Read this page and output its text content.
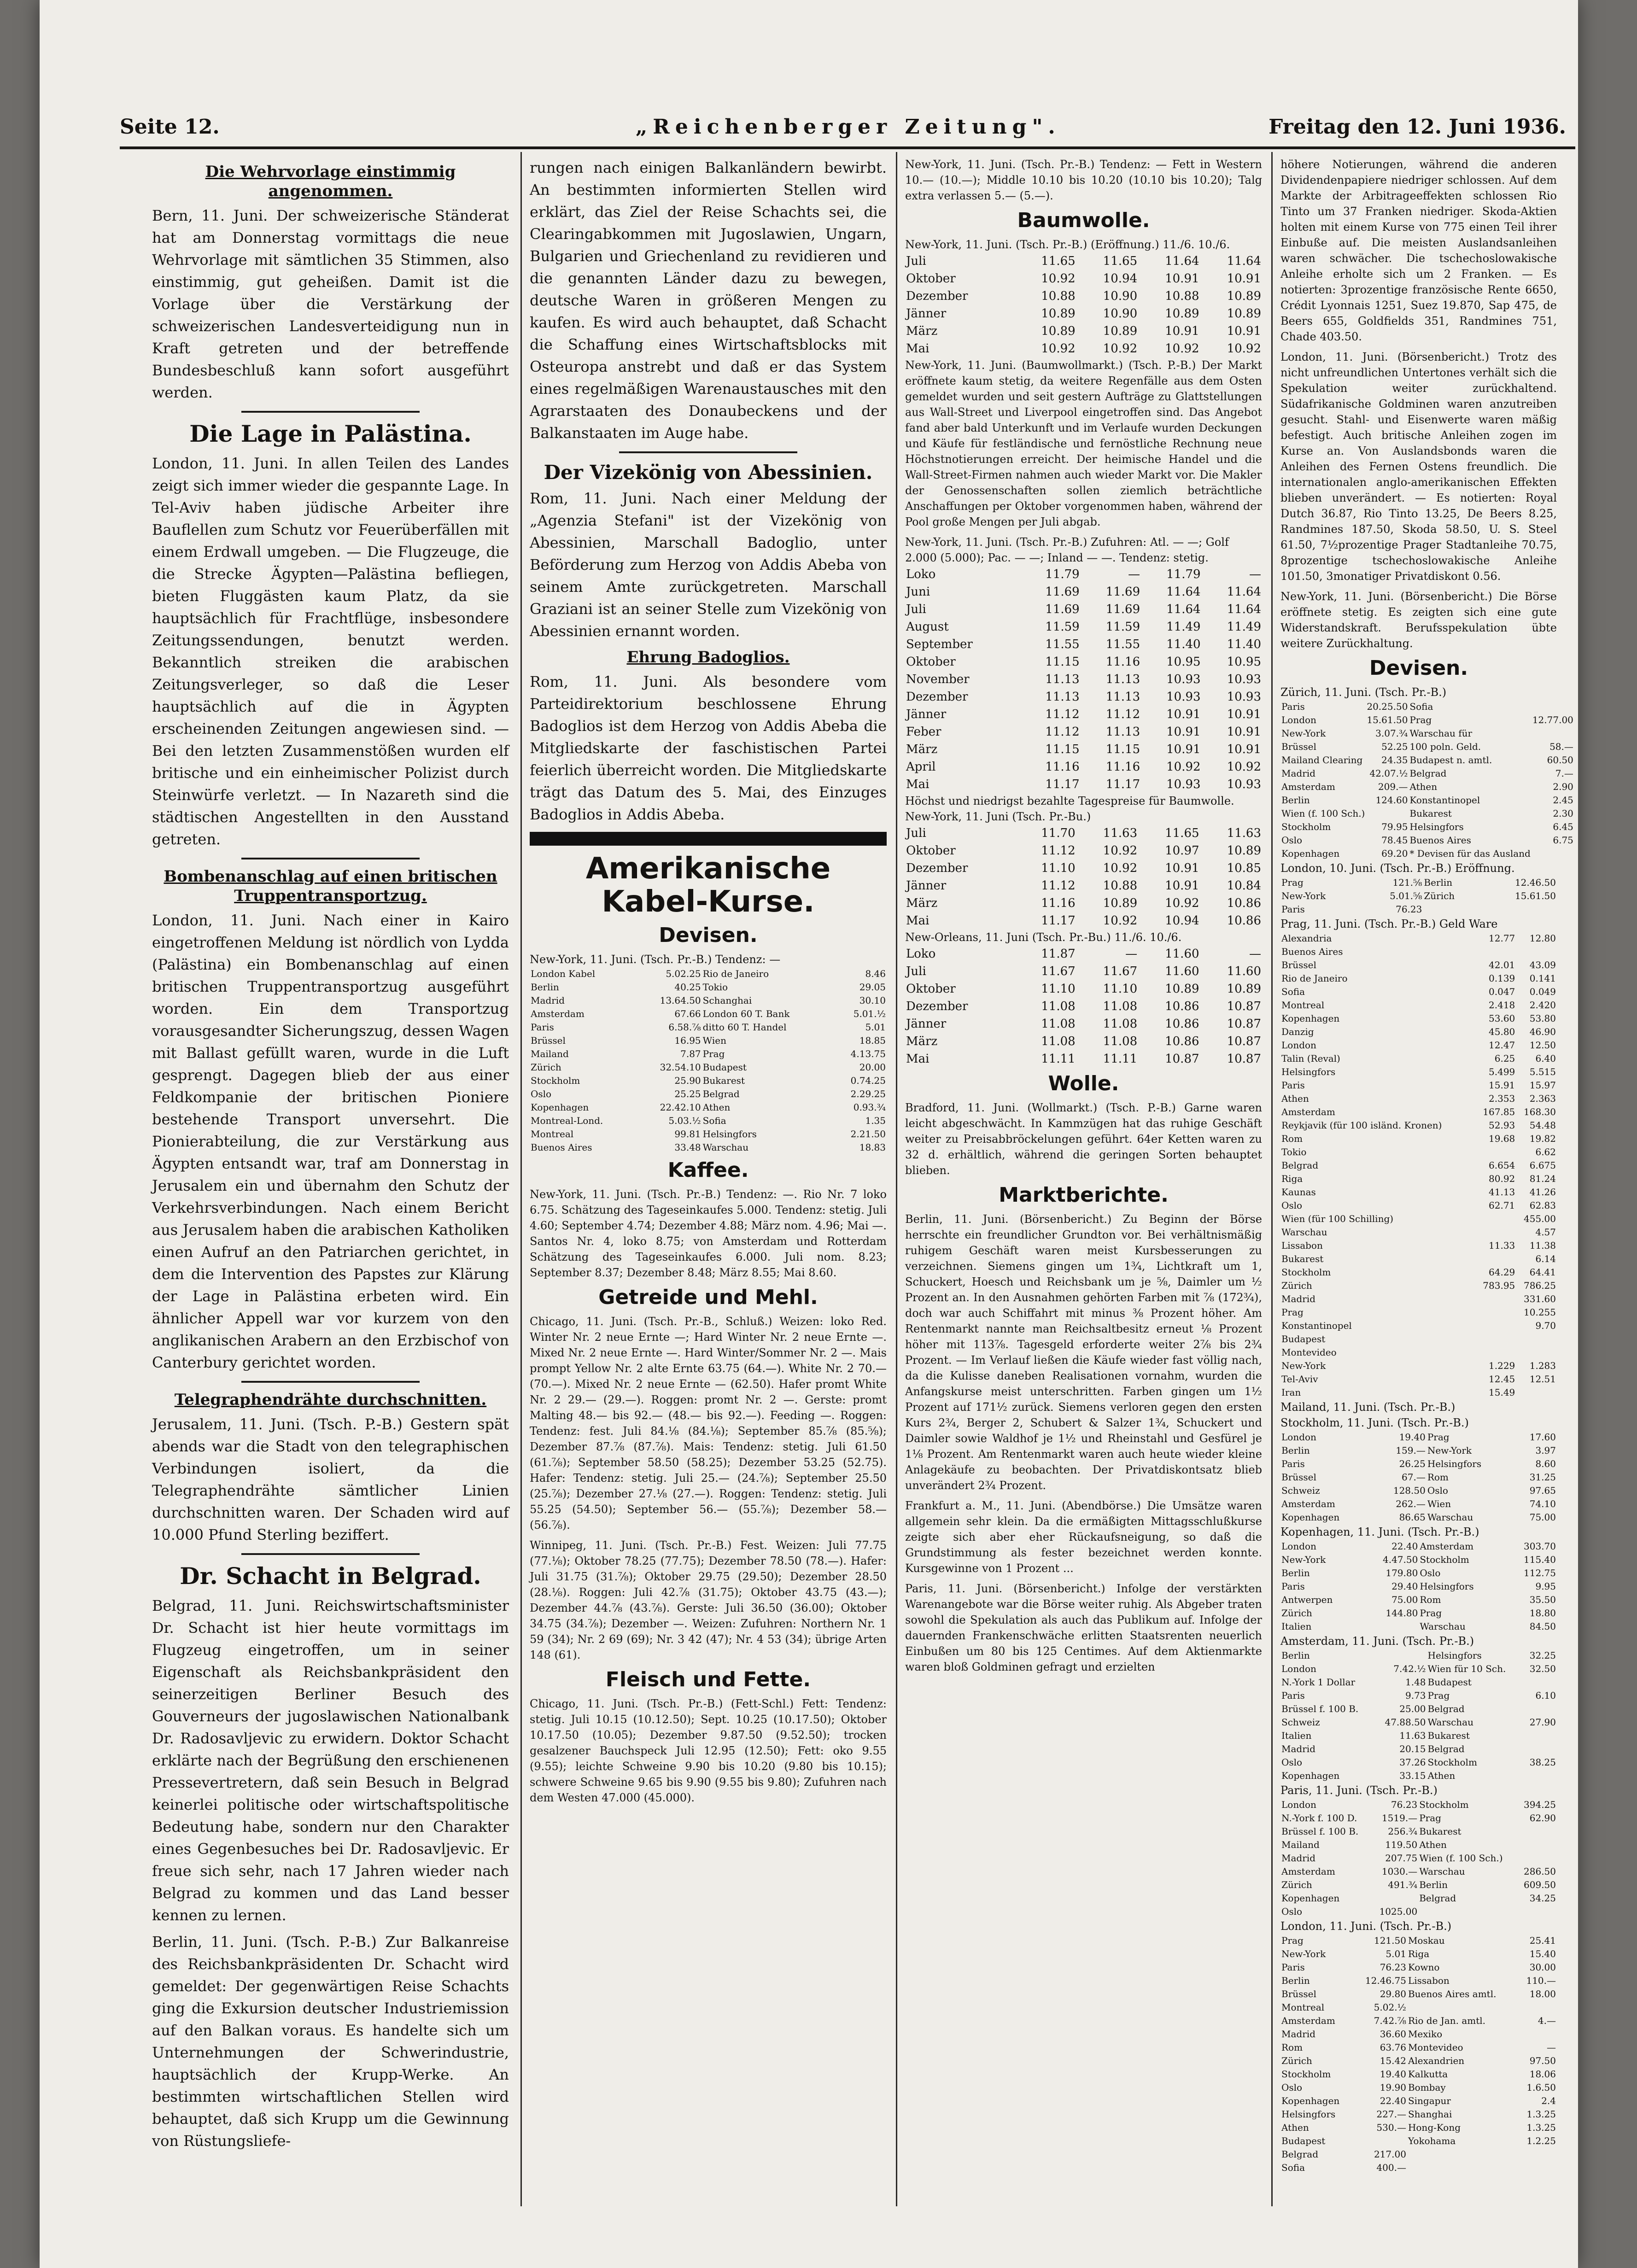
Seite 12.	„Reichenberger Zeitung".	Freitag den 12. Juni 1936.
Die Wehrvorlage einstimmig angenommen.

Bern, 11. Juni. Der schweizerische Ständerat hat am Donnerstag vormittags die neue Wehrvorlage mit sämtlichen 35 Stimmen, also einstimmig, gut geheißen. Damit ist die Vorlage über die Verstärkung der schweizerischen Landesverteidigung nun in Kraft getreten und der betreffende Bundesbeschluß kann sofort ausgeführt werden.

Die Lage in Palästina.

London, 11. Juni. In allen Teilen des Landes zeigt sich immer wieder die gespannte Lage. In Tel-Aviv haben jüdische Arbeiter ihre Bauflellen zum Schutz vor Feuerüberfällen mit einem Erdwall umgeben. — Die Flugzeuge, die die Strecke Ägypten—Palästina befliegen, bieten Fluggästen kaum Platz, da sie hauptsächlich für Frachtflüge, insbesondere Zeitungssendungen, benutzt werden. Bekanntlich streiken die arabischen Zeitungsverleger, so daß die Leser hauptsächlich auf die in Ägypten erscheinenden Zeitungen angewiesen sind. — Bei den letzten Zusammenstößen wurden elf britische und ein einheimischer Polizist durch Steinwürfe verletzt. — In Nazareth sind die städtischen Angestellten in den Ausstand getreten.

Bombenanschlag auf einen britischen Truppentransportzug.

London, 11. Juni. Nach einer in Kairo eingetroffenen Meldung ist nördlich von Lydda (Palästina) ein Bombenanschlag auf einen britischen Truppentransportzug ausgeführt worden. Ein dem Transportzug vorausgesandter Sicherungszug, dessen Wagen mit Ballast gefüllt waren, wurde in die Luft gesprengt. Dagegen blieb der aus einer Feldkompanie der britischen Pioniere bestehende Transport unversehrt. Die Pionierabteilung, die zur Verstärkung aus Ägypten entsandt war, traf am Donnerstag in Jerusalem ein und übernahm den Schutz der Verkehrsverbindungen. Nach einem Bericht aus Jerusalem haben die arabischen Katholiken einen Aufruf an den Patriarchen gerichtet, in dem die Intervention des Papstes zur Klärung der Lage in Palästina erbeten wird. Ein ähnlicher Appell war vor kurzem von den anglikanischen Arabern an den Erzbischof von Canterbury gerichtet worden.

Telegraphendrähte durchschnitten.

Jerusalem, 11. Juni. (Tsch. P.-B.) Gestern spät abends war die Stadt von den telegraphischen Verbindungen isoliert, da die Telegraphendrähte sämtlicher Linien durchschnitten waren. Der Schaden wird auf 10.000 Pfund Sterling beziffert.

Dr. Schacht in Belgrad.

Belgrad, 11. Juni. Reichswirtschaftsminister Dr. Schacht ist hier heute vormittags im Flugzeug eingetroffen, um in seiner Eigenschaft als Reichsbankpräsident den seinerzeitigen Berliner Besuch des Gouverneurs der jugoslawischen Nationalbank Dr. Radosavljevic zu erwidern. Doktor Schacht erklärte nach der Begrüßung den erschienenen Pressevertretern, daß sein Besuch in Belgrad keinerlei politische oder wirtschaftspolitische Bedeutung habe, sondern nur den Charakter eines Gegenbesuches bei Dr. Radosavljevic. Er freue sich sehr, nach 17 Jahren wieder nach Belgrad zu kommen und das Land besser kennen zu lernen.

Berlin, 11. Juni. (Tsch. P.-B.) Zur Balkanreise des Reichsbankpräsidenten Dr. Schacht wird gemeldet: Der gegenwärtigen Reise Schachts ging die Exkursion deutscher Industriemission auf den Balkan voraus. Es handelte sich um Unternehmungen der Schwerindustrie, hauptsächlich der Krupp-Werke. An bestimmten wirtschaftlichen Stellen wird behauptet, daß sich Krupp um die Gewinnung von Rüstungsliefe-

rungen nach einigen Balkanländern bewirbt. An bestimmten informierten Stellen wird erklärt, das Ziel der Reise Schachts sei, die Clearingabkommen mit Jugoslawien, Ungarn, Bulgarien und Griechenland zu revidieren und die genannten Länder dazu zu bewegen, deutsche Waren in größeren Mengen zu kaufen. Es wird auch behauptet, daß Schacht die Schaffung eines Wirtschaftsblocks mit Osteuropa anstrebt und daß er das System eines regelmäßigen Warenaustausches mit den Agrarstaaten des Donaubeckens und der Balkanstaaten im Auge habe.

Der Vizekönig von Abessinien.

Rom, 11. Juni. Nach einer Meldung der „Agenzia Stefani" ist der Vizekönig von Abessinien, Marschall Badoglio, unter Beförderung zum Herzog von Addis Abeba von seinem Amte zurückgetreten. Marschall Graziani ist an seiner Stelle zum Vizekönig von Abessinien ernannt worden.

Ehrung Badoglios.

Rom, 11. Juni. Als besondere vom Parteidirektorium beschlossene Ehrung Badoglios ist dem Herzog von Addis Abeba die Mitgliedskarte der faschistischen Partei feierlich überreicht worden. Die Mitgliedskarte trägt das Datum des 5. Mai, des Einzuges Badoglios in Addis Abeba.

Amerikanische Kabel-Kurse.
Devisen.
New-York, 11. Juni. (Tsch. Pr.-B.) Tendenz: —
London Kabel	5.02.25	Rio de Janeiro	8.46
Berlin	40.25	Tokio	29.05
Madrid	13.64.50	Schanghai	30.10
Amsterdam	67.66	London 60 T. Bank	5.01.½
Paris	6.58.⅞	ditto 60 T. Handel	5.01
Brüssel	16.95	Wien	18.85
Mailand	7.87	Prag	4.13.75
Zürich	32.54.10	Budapest	20.00
Stockholm	25.90	Bukarest	0.74.25
Oslo	25.25	Belgrad	2.29.25
Kopenhagen	22.42.10	Athen	0.93.¾
Montreal-Lond.	5.03.½	Sofia	1.35
Montreal	99.81	Helsingfors	2.21.50
Buenos Aires	33.48	Warschau	18.83
Kaffee.

New-York, 11. Juni. (Tsch. Pr.-B.) Tendenz: —. Rio Nr. 7 loko 6.75. Schätzung des Tageseinkaufes 5.000. Tendenz: stetig. Juli 4.60; September 4.74; Dezember 4.88; März nom. 4.96; Mai —. Santos Nr. 4, loko 8.75; von Amsterdam und Rotterdam Schätzung des Tageseinkaufes 6.000. Juli nom. 8.23; September 8.37; Dezember 8.48; März 8.55; Mai 8.60.

Getreide und Mehl.

Chicago, 11. Juni. (Tsch. Pr.-B., Schluß.) Weizen: loko Red. Winter Nr. 2 neue Ernte —; Hard Winter Nr. 2 neue Ernte —. Mixed Nr. 2 neue Ernte —. Hard Winter/Sommer Nr. 2 —. Mais prompt Yellow Nr. 2 alte Ernte 63.75 (64.—). White Nr. 2 70.— (70.—). Mixed Nr. 2 neue Ernte — (62.50). Hafer promt White Nr. 2 29.— (29.—). Roggen: promt Nr. 2 —. Gerste: promt Malting 48.— bis 92.— (48.— bis 92.—). Feeding —. Roggen: Tendenz: fest. Juli 84.⅛ (84.⅛); September 85.⅞ (85.⅝); Dezember 87.⅞ (87.⅞). Mais: Tendenz: stetig. Juli 61.50 (61.⅞); September 58.50 (58.25); Dezember 53.25 (52.75). Hafer: Tendenz: stetig. Juli 25.— (24.⅞); September 25.50 (25.⅞); Dezember 27.⅛ (27.—). Roggen: Tendenz: stetig. Juli 55.25 (54.50); September 56.— (55.⅞); Dezember 58.— (56.⅞).

Winnipeg, 11. Juni. (Tsch. Pr.-B.) Fest. Weizen: Juli 77.75 (77.⅛); Oktober 78.25 (77.75); Dezember 78.50 (78.—). Hafer: Juli 31.75 (31.⅞); Oktober 29.75 (29.50); Dezember 28.50 (28.⅛). Roggen: Juli 42.⅞ (31.75); Oktober 43.75 (43.—); Dezember 44.⅞ (43.⅞). Gerste: Juli 36.50 (36.00); Oktober 34.75 (34.⅞); Dezember —. Weizen: Zufuhren: Northern Nr. 1 59 (34); Nr. 2 69 (69); Nr. 3 42 (47); Nr. 4 53 (34); übrige Arten 148 (61).

Fleisch und Fette.

Chicago, 11. Juni. (Tsch. Pr.-B.) (Fett-Schl.) Fett: Tendenz: stetig. Juli 10.15 (10.12.50); Sept. 10.25 (10.17.50); Oktober 10.17.50 (10.05); Dezember 9.87.50 (9.52.50); trocken gesalzener Bauchspeck Juli 12.95 (12.50); Fett: oko 9.55 (9.55); leichte Schweine 9.90 bis 10.20 (9.80 bis 10.15); schwere Schweine 9.65 bis 9.90 (9.55 bis 9.80); Zufuhren nach dem Westen 47.000 (45.000).

New-York, 11. Juni. (Tsch. Pr.-B.) Tendenz: — Fett in Western 10.— (10.—); Middle 10.10 bis 10.20 (10.10 bis 10.20); Talg extra verlassen 5.— (5.—).

Baumwolle.
New-York, 11. Juni. (Tsch. Pr.-B.) (Eröffnung.) 11./6. 10./6.
Juli	11.65	11.65	11.64	11.64
Oktober	10.92	10.94	10.91	10.91
Dezember	10.88	10.90	10.88	10.89
Jänner	10.89	10.90	10.89	10.89
März	10.89	10.89	10.91	10.91
Mai	10.92	10.92	10.92	10.92

New-York, 11. Juni. (Baumwollmarkt.) (Tsch. P.-B.) Der Markt eröffnete kaum stetig, da weitere Regenfälle aus dem Osten gemeldet wurden und seit gestern Aufträge zu Glattstellungen aus Wall-Street und Liverpool eingetroffen sind. Das Angebot fand aber bald Unterkunft und im Verlaufe wurden Deckungen und Käufe für festländische und fernöstliche Rechnung neue Höchstnotierungen erreicht. Der heimische Handel und die Wall-Street-Firmen nahmen auch wieder Markt vor. Die Makler der Genossenschaften sollen ziemlich beträchtliche Anschaffungen per Oktober vorgenommen haben, während der Pool große Mengen per Juli abgab.

New-York, 11. Juni. (Tsch. Pr.-B.) Zufuhren: Atl. — —; Golf 2.000 (5.000); Pac. — —; Inland — —. Tendenz: stetig.
Loko	11.79	—	11.79	—
Juni	11.69	11.69	11.64	11.64
Juli	11.69	11.69	11.64	11.64
August	11.59	11.59	11.49	11.49
September	11.55	11.55	11.40	11.40
Oktober	11.15	11.16	10.95	10.95
November	11.13	11.13	10.93	10.93
Dezember	11.13	11.13	10.93	10.93
Jänner	11.12	11.12	10.91	10.91
Feber	11.12	11.13	10.91	10.91
März	11.15	11.15	10.91	10.91
April	11.16	11.16	10.92	10.92
Mai	11.17	11.17	10.93	10.93
Höchst und niedrigst bezahlte Tagespreise für Baumwolle. New-York, 11. Juni (Tsch. Pr.-Bu.)
Juli	11.70	11.63	11.65	11.63
Oktober	11.12	10.92	10.97	10.89
Dezember	11.10	10.92	10.91	10.85
Jänner	11.12	10.88	10.91	10.84
März	11.16	10.89	10.92	10.86
Mai	11.17	10.92	10.94	10.86
New-Orleans, 11. Juni (Tsch. Pr.-Bu.) 11./6. 10./6.
Loko	11.87	—	11.60	—
Juli	11.67	11.67	11.60	11.60
Oktober	11.10	11.10	10.89	10.89
Dezember	11.08	11.08	10.86	10.87
Jänner	11.08	11.08	10.86	10.87
März	11.08	11.08	10.86	10.87
Mai	11.11	11.11	10.87	10.87
Wolle.

Bradford, 11. Juni. (Wollmarkt.) (Tsch. P.-B.) Garne waren leicht abgeschwächt. In Kammzügen hat das ruhige Geschäft weiter zu Preisabbröckelungen geführt. 64er Ketten waren zu 32 d. erhältlich, während die geringen Sorten behauptet blieben.

Marktberichte.

Berlin, 11. Juni. (Börsenbericht.) Zu Beginn der Börse herrschte ein freundlicher Grundton vor. Bei verhältnismäßig ruhigem Geschäft waren meist Kursbesserungen zu verzeichnen. Siemens gingen um 1¾, Lichtkraft um 1, Schuckert, Hoesch und Reichsbank um je ⅝, Daimler um ½ Prozent an. In den Ausnahmen gehörten Farben mit ⅞ (172¾), doch war auch Schiffahrt mit minus ⅜ Prozent höher. Am Rentenmarkt nannte man Reichsaltbesitz erneut ⅛ Prozent höher mit 113⅞. Tagesgeld erforderte weiter 2⅞ bis 2¾ Prozent. — Im Verlauf ließen die Käufe wieder fast völlig nach, da die Kulisse daneben Realisationen vornahm, wurden die Anfangskurse meist unterschritten. Farben gingen um 1½ Prozent auf 171½ zurück. Siemens verloren gegen den ersten Kurs 2¾, Berger 2, Schubert & Salzer 1¾, Schuckert und Daimler sowie Waldhof je 1½ und Rheinstahl und Gesfürel je 1⅛ Prozent. Am Rentenmarkt waren auch heute wieder kleine Anlagekäufe zu beobachten. Der Privatdiskontsatz blieb unverändert 2¾ Prozent.

Frankfurt a. M., 11. Juni. (Abendbörse.) Die Umsätze waren allgemein sehr klein. Da die ermäßigten Mittagsschlußkurse zeigte sich aber eher Rückaufsneigung, so daß die Grundstimmung als fester bezeichnet werden konnte. Kursgewinne von 1 Prozent ...

Paris, 11. Juni. (Börsenbericht.) Infolge der verstärkten Warenangebote war die Börse weiter ruhig. Als Abgeber traten sowohl die Spekulation als auch das Publikum auf. Infolge der dauernden Frankenschwäche erlitten Staatsrenten neuerlich Einbußen um 80 bis 125 Centimes. Auf dem Aktienmarkte waren bloß Goldminen gefragt und erzielten

höhere Notierungen, während die anderen Dividendenpapiere niedriger schlossen. Auf dem Markte der Arbitrageeffekten schlossen Rio Tinto um 37 Franken niedriger. Skoda-Aktien holten mit einem Kurse von 775 einen Teil ihrer Einbuße auf. Die meisten Auslandsanleihen waren schwächer. Die tschechoslowakische Anleihe erholte sich um 2 Franken. — Es notierten: 3prozentige französische Rente 6650, Crédit Lyonnais 1251, Suez 19.870, Sap 475, de Beers 655, Goldfields 351, Randmines 751, Chade 403.50.

London, 11. Juni. (Börsenbericht.) Trotz des nicht unfreundlichen Untertones verhält sich die Spekulation weiter zurückhaltend. Südafrikanische Goldminen waren anzutreiben gesucht. Stahl- und Eisenwerte waren mäßig befestigt. Auch britische Anleihen zogen im Kurse an. Von Auslandsbonds waren die Anleihen des Fernen Ostens freundlich. Die internationalen anglo-amerikanischen Effekten blieben unverändert. — Es notierten: Royal Dutch 36.87, Rio Tinto 13.25, De Beers 8.25, Randmines 187.50, Skoda 58.50, U. S. Steel 61.50, 7½prozentige Prager Stadtanleihe 70.75, 8prozentige tschechoslowakische Anleihe 101.50, 3monatiger Privatdiskont 0.56.

New-York, 11. Juni. (Börsenbericht.) Die Börse eröffnete stetig. Es zeigten sich eine gute Widerstandskraft. Berufsspekulation übte weitere Zurückhaltung.

Devisen.
Zürich, 11. Juni. (Tsch. Pr.-B.)
Paris	20.25.50	Sofia	
London	15.61.50	Prag	12.77.00
New-York	3.07.¾	Warschau für	
Brüssel	52.25	100 poln. Geld.	58.—
Mailand Clearing	24.35	Budapest n. amtl.	60.50
Madrid	42.07.½	Belgrad	7.—
Amsterdam	209.—	Athen	2.90
Berlin	124.60	Konstantinopel	2.45
Wien (f. 100 Sch.)		Bukarest	2.30
Stockholm	79.95	Helsingfors	6.45
Oslo	78.45	Buenos Aires	6.75
Kopenhagen	69.20	* Devisen für das Ausland	
London, 10. Juni. (Tsch. Pr.-B.) Eröffnung.
Prag	121.⅝	Berlin	12.46.50
New-York	5.01.⅝	Zürich	15.61.50
Paris	76.23		
Prag, 11. Juni. (Tsch. Pr.-B.) Geld Ware
Alexandria	12.77	12.80
Buenos Aires		
Brüssel	42.01	43.09
Rio de Janeiro	0.139	0.141
Sofia	0.047	0.049
Montreal	2.418	2.420
Kopenhagen	53.60	53.80
Danzig	45.80	46.90
London	12.47	12.50
Talin (Reval)	6.25	6.40
Helsingfors	5.499	5.515
Paris	15.91	15.97
Athen	2.353	2.363
Amsterdam	167.85	168.30
Reykjavik (für 100 isländ. Kronen)	52.93	54.48
Rom	19.68	19.82
Tokio		6.62
Belgrad	6.654	6.675
Riga	80.92	81.24
Kaunas	41.13	41.26
Oslo	62.71	62.83
Wien (für 100 Schilling)		455.00
Warschau		4.57
Lissabon	11.33	11.38
Bukarest		6.14
Stockholm	64.29	64.41
Zürich	783.95	786.25
Madrid		331.60
Prag		10.255
Konstantinopel		9.70
Budapest		
Montevideo		
New-York	1.229	1.283
Tel-Aviv	12.45	12.51
Iran	15.49	
Mailand, 11. Juni. (Tsch. Pr.-B.)
Stockholm, 11. Juni. (Tsch. Pr.-B.)
London	19.40	Prag	17.60
Berlin	159.—	New-York	3.97
Paris	26.25	Helsingfors	8.60
Brüssel	67.—	Rom	31.25
Schweiz	128.50	Oslo	97.65
Amsterdam	262.—	Wien	74.10
Kopenhagen	86.65	Warschau	75.00
Kopenhagen, 11. Juni. (Tsch. Pr.-B.)
London	22.40	Amsterdam	303.70
New-York	4.47.50	Stockholm	115.40
Berlin	179.80	Oslo	112.75
Paris	29.40	Helsingfors	9.95
Antwerpen	75.00	Rom	35.50
Zürich	144.80	Prag	18.80
Italien		Warschau	84.50
Amsterdam, 11. Juni. (Tsch. Pr.-B.)
Berlin		Helsingfors	32.25
London	7.42.½	Wien für 10 Sch.	32.50
N.-York 1 Dollar	1.48	Budapest	
Paris	9.73	Prag	6.10
Brüssel f. 100 B.	25.00	Belgrad	
Schweiz	47.88.50	Warschau	27.90
Italien	11.63	Bukarest	
Madrid	20.15	Belgrad	
Oslo	37.26	Stockholm	38.25
Kopenhagen	33.15	Athen	
Paris, 11. Juni. (Tsch. Pr.-B.)
London	76.23	Stockholm	394.25
N.-York f. 100 D.	1519.—	Prag	62.90
Brüssel f. 100 B.	256.¾	Bukarest	
Mailand	119.50	Athen	
Madrid	207.75	Wien (f. 100 Sch.)	
Amsterdam	1030.—	Warschau	286.50
Zürich	491.¾	Berlin	609.50
Kopenhagen		Belgrad	34.25
Oslo	1025.00		
London, 11. Juni. (Tsch. Pr.-B.)
Prag	121.50	Moskau	25.41
New-York	5.01	Riga	15.40
Paris	76.23	Kowno	30.00
Berlin	12.46.75	Lissabon	110.—
Brüssel	29.80	Buenos Aires amtl.	18.00
Montreal	5.02.½		
Amsterdam	7.42.⅞	Rio de Jan. amtl.	4.—
Madrid	36.60	Mexiko	
Rom	63.76	Montevideo	—
Zürich	15.42	Alexandrien	97.50
Stockholm	19.40	Kalkutta	18.06
Oslo	19.90	Bombay	1.6.50
Kopenhagen	22.40	Singapur	2.4
Helsingfors	227.—	Shanghai	1.3.25
Athen	530.—	Hong-Kong	1.3.25
Budapest		Yokohama	1.2.25
Belgrad	217.00		
Sofia	400.—		
